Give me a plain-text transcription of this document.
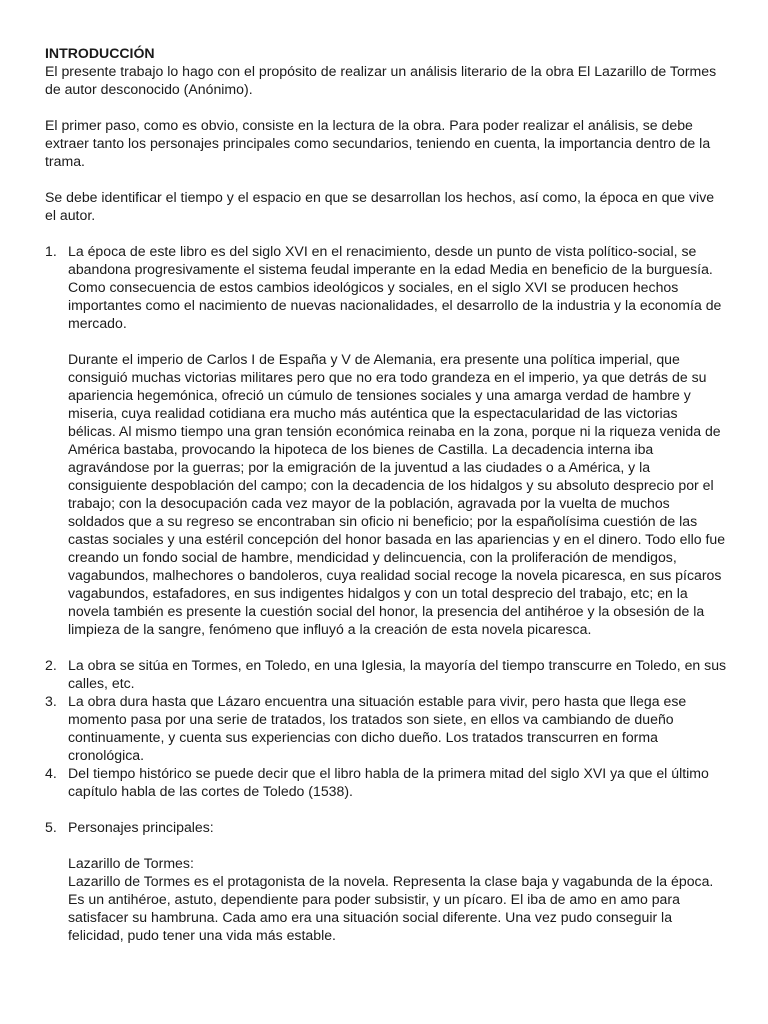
INTRODUCCIÓN

El presente trabajo lo hago con el propósito de realizar un análisis literario de la obra El Lazarillo de Tormes de autor desconocido (Anónimo).

El primer paso, como es obvio, consiste en la lectura de la obra. Para poder realizar el análisis, se debe extraer tanto los personajes principales como secundarios, teniendo en cuenta, la importancia dentro de la trama.

Se debe identificar el tiempo y el espacio en que se desarrollan los hechos, así como, la época en que vive el autor.

1. La época de este libro es del siglo XVI en el renacimiento, desde un punto de vista político-social, se abandona progresivamente el sistema feudal imperante en la edad Media en beneficio de la burguesía. Como consecuencia de estos cambios ideológicos y sociales, en el siglo XVI se producen hechos importantes como el nacimiento de nuevas nacionalidades, el desarrollo de la industria y la economía de mercado.

Durante el imperio de Carlos I de España y V de Alemania, era presente una política imperial, que consiguió muchas victorias militares pero que no era todo grandeza en el imperio, ya que detrás de su apariencia hegemónica, ofreció un cúmulo de tensiones sociales y una amarga verdad de hambre y miseria, cuya realidad cotidiana era mucho más auténtica que la espectacularidad de las victorias bélicas. Al mismo tiempo una gran tensión económica reinaba en la zona, porque ni la riqueza venida de América bastaba, provocando la hipoteca de los bienes de Castilla. La decadencia interna iba agravándose por la guerras; por la emigración de la juventud a las ciudades o a América, y la consiguiente despoblación del campo; con la decadencia de los hidalgos y su absoluto desprecio por el trabajo; con la desocupación cada vez mayor de la población, agravada por la vuelta de muchos soldados que a su regreso se encontraban sin oficio ni beneficio; por la españolísima cuestión de las castas sociales y una estéril concepción del honor basada en las apariencias y en el dinero. Todo ello fue creando un fondo social de hambre, mendicidad y delincuencia, con la proliferación de mendigos, vagabundos, malhechores o bandoleros, cuya realidad social recoge la novela picaresca, en sus pícaros vagabundos, estafadores, en sus indigentes hidalgos y con un total desprecio del trabajo, etc; en la novela también es presente la cuestión social del honor, la presencia del antihéroe y la obsesión de la limpieza de la sangre, fenómeno que influyó a la creación de esta novela picaresca.

2. La obra se sitúa en Tormes, en Toledo, en una Iglesia, la mayoría del tiempo transcurre en Toledo, en sus calles, etc.

3. La obra dura hasta que Lázaro encuentra una situación estable para vivir, pero hasta que llega ese momento pasa por una serie de tratados, los tratados son siete, en ellos va cambiando de dueño continuamente, y cuenta sus experiencias con dicho dueño. Los tratados transcurren en forma cronológica.

4. Del tiempo histórico se puede decir que el libro habla de la primera mitad del siglo XVI ya que el último capítulo habla de las cortes de Toledo (1538).

5. Personajes principales:

Lazarillo de Tormes:

Lazarillo de Tormes es el protagonista de la novela. Representa la clase baja y vagabunda de la época. Es un antihéroe, astuto, dependiente para poder subsistir, y un pícaro. El iba de amo en amo para satisfacer su hambruna. Cada amo era una situación social diferente. Una vez pudo conseguir la felicidad, pudo tener una vida más estable.
